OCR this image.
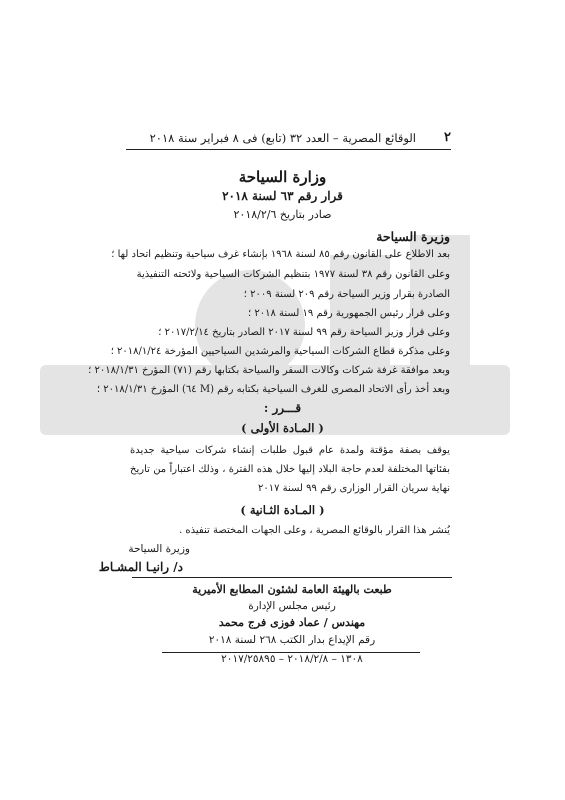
الوقائع المصرية – العدد ٣٢ (تابع) فى ٨ فبراير سنة ٢٠١٨ ٢
وزارة السياحة
قرار رقم ٦٣ لسنة ٢٠١٨
صادر بتاريخ ٢٠١٨/٢/٦
وزيرة السياحة
بعد الاطلاع على القانون رقم ٨٥ لسنة ١٩٦٨ بإنشاء غرف سياحية وتنظيم اتحاد لها ؛
وعلى القانون رقم ٣٨ لسنة ١٩٧٧ بتنظيم الشركات السياحية ولائحته التنفيذية
الصادرة بقرار وزير السياحة رقم ٢٠٩ لسنة ٢٠٠٩ ؛
وعلى قرار رئيس الجمهورية رقم ١٩ لسنة ٢٠١٨ ؛
وعلى قرار وزير السياحة رقم ٩٩ لسنة ٢٠١٧ الصادر بتاريخ ٢٠١٧/٢/١٤ ؛
وعلى مذكرة قطاع الشركات السياحية والمرشدين السياحيين المؤرخة ٢٠١٨/١/٢٤ ؛
وبعد موافقة غرفة شركات وكالات السفر والسياحة بكتابها رقم (٧١) المؤرخ ٢٠١٨/١/٣١ ؛
وبعد أخذ رأى الاتحاد المصرى للغرف السياحية بكتابه رقم (M ٦٤) المؤرخ ٢٠١٨/١/٣١ ؛
قـــرر :
( المـادة الأولى )
يوقف بصفة مؤقتة ولمدة عام قبول طلبات إنشاء شركات سياحية جديدة بفئاتها المختلفة لعدم حاجة البلاد إليها خلال هذه الفترة ، وذلك اعتباراً من تاريخ نهاية سريان القرار الوزارى رقم ٩٩ لسنة ٢٠١٧
( المـادة الثـانية )
يُنشر هذا القرار بالوقائع المصرية ، وعلى الجهات المختصة تنفيذه .
وزيرة السياحة
د/ رانيـا المشـاط
طبعت بالهيئة العامة لشئون المطابع الأميرية
رئيس مجلس الإدارة
مهندس / عماد فوزى فرج محمد
رقم الإيداع بدار الكتب ٢٦٨ لسنة ٢٠١٨
١٣٠٨ – ٢٠١٨/٢/٨ – ٢٠١٧/٢٥٨٩٥
